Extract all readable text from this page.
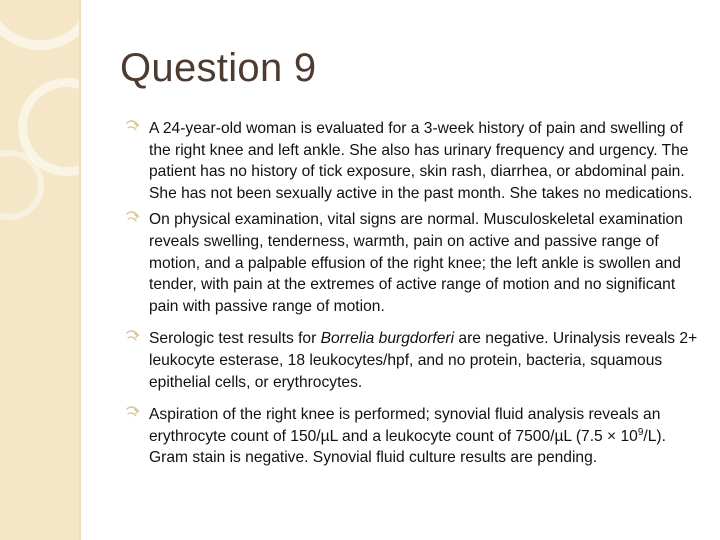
Question 9
A 24-year-old woman is evaluated for a 3-week history of pain and swelling of the right knee and left ankle. She also has urinary frequency and urgency. The patient has no history of tick exposure, skin rash, diarrhea, or abdominal pain. She has not been sexually active in the past month. She takes no medications.
On physical examination, vital signs are normal. Musculoskeletal examination reveals swelling, tenderness, warmth, pain on active and passive range of motion, and a palpable effusion of the right knee; the left ankle is swollen and tender, with pain at the extremes of active range of motion and no significant pain with passive range of motion.
Serologic test results for Borrelia burgdorferi are negative. Urinalysis reveals 2+ leukocyte esterase, 18 leukocytes/hpf, and no protein, bacteria, squamous epithelial cells, or erythrocytes.
Aspiration of the right knee is performed; synovial fluid analysis reveals an erythrocyte count of 150/µL and a leukocyte count of 7500/µL $(7.5 \times 10^9/L)$. Gram stain is negative. Synovial fluid culture results are pending.
